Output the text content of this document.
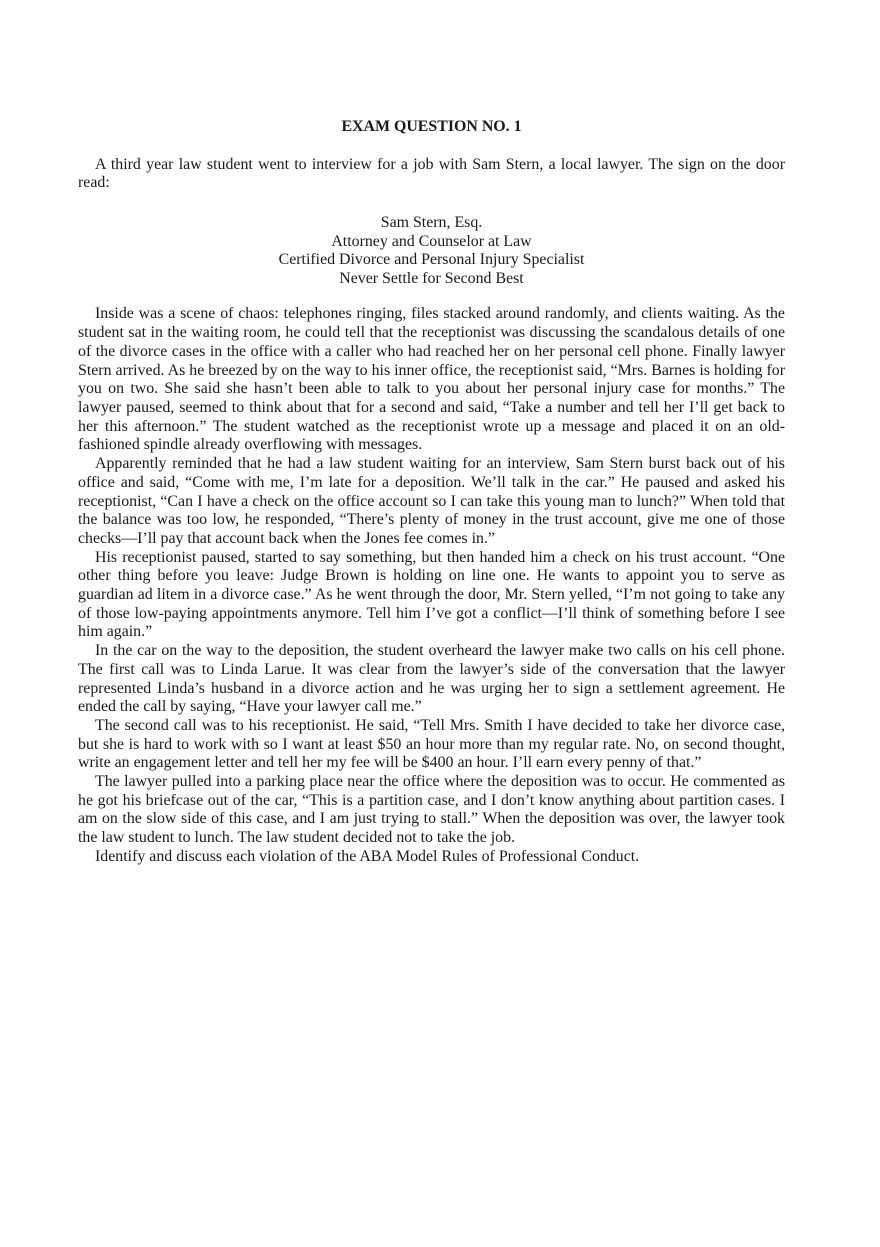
EXAM QUESTION NO. 1

A third year law student went to interview for a job with Sam Stern, a local lawyer. The sign on the door read:

Sam Stern, Esq.
Attorney and Counselor at Law
Certified Divorce and Personal Injury Specialist
Never Settle for Second Best

Inside was a scene of chaos: telephones ringing, files stacked around randomly, and clients waiting. As the student sat in the waiting room, he could tell that the receptionist was discussing the scandalous details of one of the divorce cases in the office with a caller who had reached her on her personal cell phone. Finally lawyer Stern arrived. As he breezed by on the way to his inner office, the receptionist said, “Mrs. Barnes is holding for you on two. She said she hasn’t been able to talk to you about her personal injury case for months.” The lawyer paused, seemed to think about that for a second and said, “Take a number and tell her I’ll get back to her this afternoon.” The student watched as the receptionist wrote up a message and placed it on an old-fashioned spindle already overflowing with messages.

Apparently reminded that he had a law student waiting for an interview, Sam Stern burst back out of his office and said, “Come with me, I’m late for a deposition. We’ll talk in the car.” He paused and asked his receptionist, “Can I have a check on the office account so I can take this young man to lunch?” When told that the balance was too low, he responded, “There’s plenty of money in the trust account, give me one of those checks—I’ll pay that account back when the Jones fee comes in.”

His receptionist paused, started to say something, but then handed him a check on his trust account. “One other thing before you leave: Judge Brown is holding on line one. He wants to appoint you to serve as guardian ad litem in a divorce case.” As he went through the door, Mr. Stern yelled, “I’m not going to take any of those low-paying appointments anymore. Tell him I’ve got a conflict—I’ll think of something before I see him again.”

In the car on the way to the deposition, the student overheard the lawyer make two calls on his cell phone. The first call was to Linda Larue. It was clear from the lawyer’s side of the conversation that the lawyer represented Linda’s husband in a divorce action and he was urging her to sign a settlement agreement. He ended the call by saying, “Have your lawyer call me.”

The second call was to his receptionist. He said, “Tell Mrs. Smith I have decided to take her divorce case, but she is hard to work with so I want at least $50 an hour more than my regular rate. No, on second thought, write an engagement letter and tell her my fee will be $400 an hour. I’ll earn every penny of that.”

The lawyer pulled into a parking place near the office where the deposition was to occur. He commented as he got his briefcase out of the car, “This is a partition case, and I don’t know anything about partition cases. I am on the slow side of this case, and I am just trying to stall.” When the deposition was over, the lawyer took the law student to lunch. The law student decided not to take the job.

Identify and discuss each violation of the ABA Model Rules of Professional Conduct.
